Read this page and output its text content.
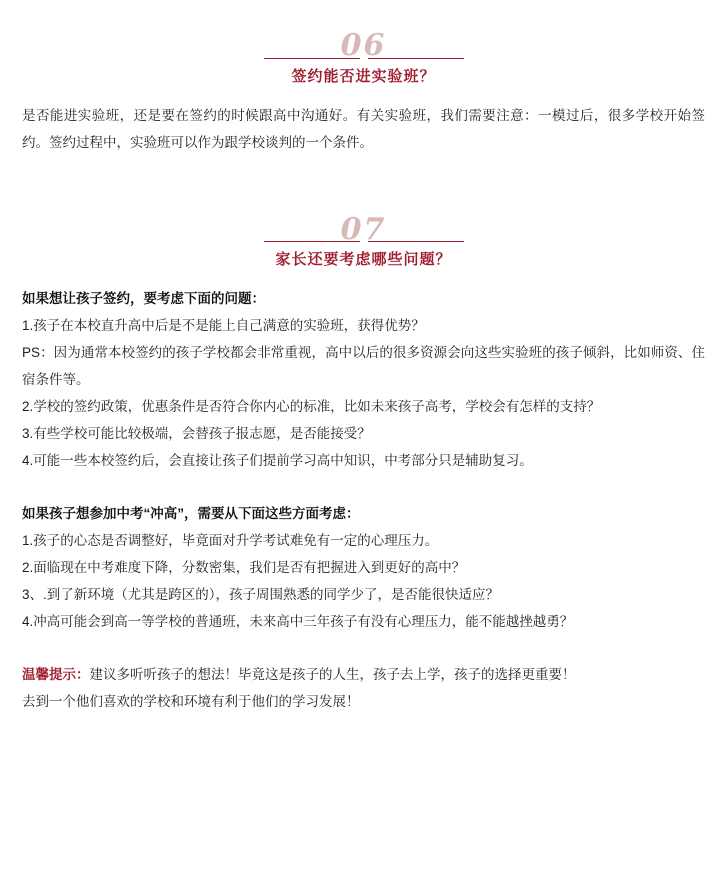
06
签约能否进实验班？

是否能进实验班，还是要在签约的时候跟高中沟通好。有关实验班，我们需要注意：一模过后，很多学校开始签约。签约过程中，实验班可以作为跟学校谈判的一个条件。

07
家长还要考虑哪些问题？

如果想让孩子签约，要考虑下面的问题：

1.孩子在本校直升高中后是不是能上自己满意的实验班，获得优势？

PS：因为通常本校签约的孩子学校都会非常重视，高中以后的很多资源会向这些实验班的孩子倾斜，比如师资、住宿条件等。

2.学校的签约政策，优惠条件是否符合你内心的标准，比如未来孩子高考，学校会有怎样的支持？

3.有些学校可能比较极端，会替孩子报志愿，是否能接受？

4.可能一些本校签约后，会直接让孩子们提前学习高中知识，中考部分只是辅助复习。

如果孩子想参加中考“冲高”，需要从下面这些方面考虑：

1.孩子的心态是否调整好，毕竟面对升学考试难免有一定的心理压力。

2.面临现在中考难度下降，分数密集，我们是否有把握进入到更好的高中？

3、.到了新环境（尤其是跨区的），孩子周围熟悉的同学少了，是否能很快适应？

4.冲高可能会到高一等学校的普通班，未来高中三年孩子有没有心理压力，能不能越挫越勇？

温馨提示：建议多听听孩子的想法！毕竟这是孩子的人生，孩子去上学，孩子的选择更重要！

去到一个他们喜欢的学校和环境有利于他们的学习发展！
